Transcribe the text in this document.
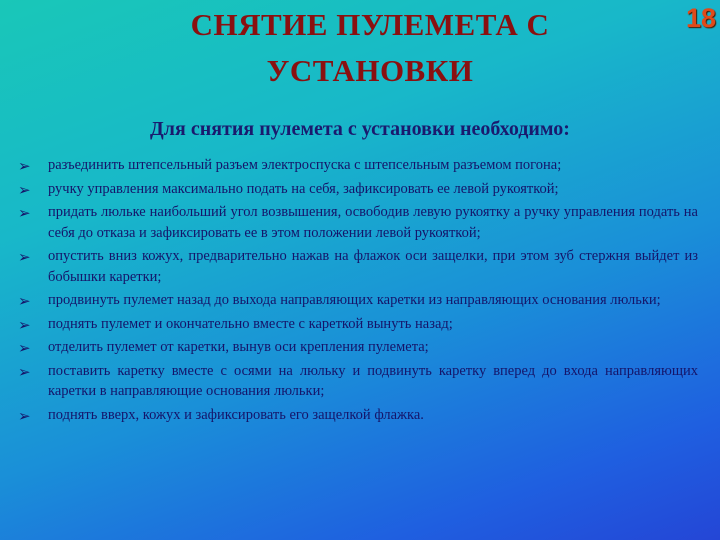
СНЯТИЕ ПУЛЕМЕТА С
УСТАНОВКИ
18
Для снятия пулемета с установки необходимо:
➢ разъединить штепсельный разъем электроспуска с штепсельным разъемом погона;
➢ ручку управления максимально подать на себя, зафиксировать ее левой рукояткой;
➢ придать люльке наибольший угол возвышения, освободив левую рукоятку а ручку управления подать на себя до отказа и зафиксировать ее в этом положении левой рукояткой;
➢ опустить вниз кожух, предварительно нажав на флажок оси защелки, при этом зуб стержня выйдет из бобышки каретки;
➢ продвинуть пулемет назад до выхода направляющих каретки из направляющих основания люльки;
➢ поднять пулемет и окончательно вместе с кареткой вынуть назад;
➢ отделить пулемет от каретки, вынув оси крепления пулемета;
➢ поставить каретку вместе с осями на люльку и подвинуть каретку вперед до входа направляющих каретки в направляющие основания люльки;
➢ поднять вверх, кожух и зафиксировать его защелкой флажка.
